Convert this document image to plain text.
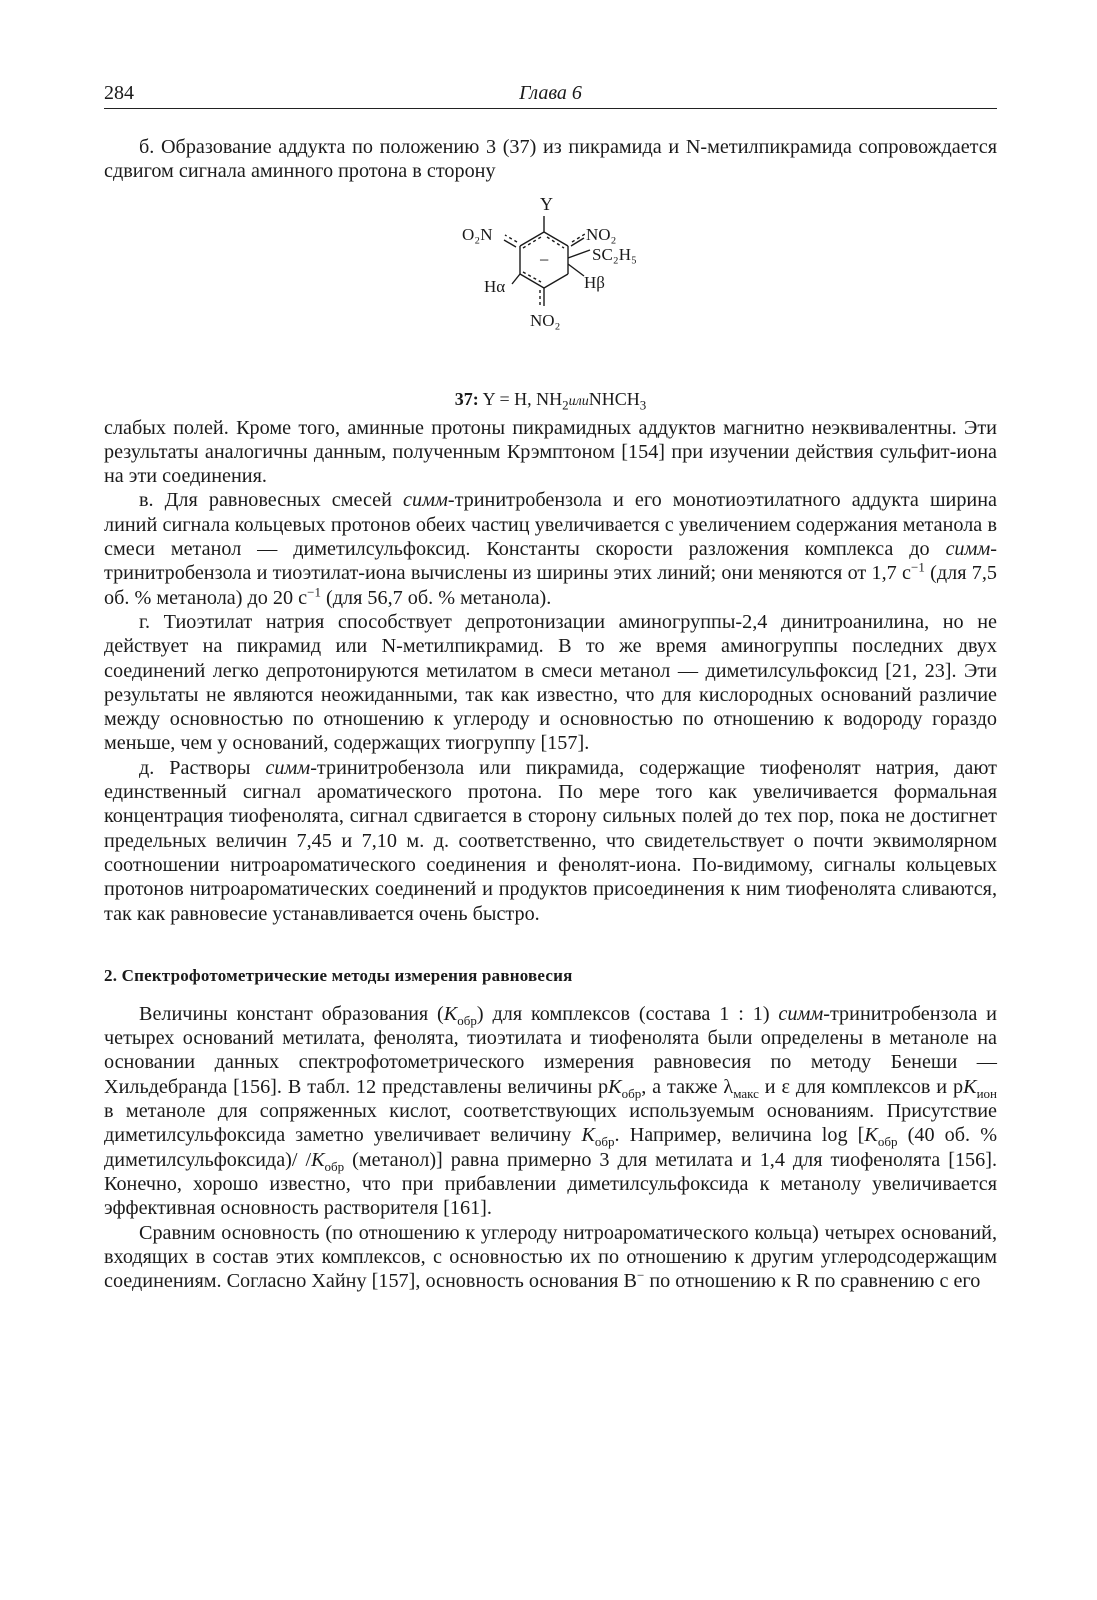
284	Глава 6

б. Образование аддукта по положению 3 (37) из пикрамида и N-метилпикрамида сопровождается сдвигом сигнала аминного протона в сторону

Y
O₂N	NO₂
SC₂H₅
−
Hα	Hβ
NO₂
37: Y = H, $NH_2илиNHCH_3$

слабых полей. Кроме того, аминные протоны пикрамидных аддуктов магнитно неэквивалентны. Эти результаты аналогичны данным, полученным Крэмптоном [154] при изучении действия сульфит-иона на эти соединения.

в. Для равновесных смесей симм-тринитробензола и его монотиоэтилатного аддукта ширина линий сигнала кольцевых протонов обеих частиц увеличивается с увеличением содержания метанола в смеси метанол — диметилсульфоксид. Константы скорости разложения комплекса до симм-тринитробензола и тиоэтилат-иона вычислены из ширины этих линий; они меняются от 1,7 $с^{-1}$ (для 7,5 об. % метанола) до 20 $с^{-1}$ (для 56,7 об. % метанола).

г. Тиоэтилат натрия способствует депротонизации аминогруппы-2,4 динитроанилина, но не действует на пикрамид или N-метилпикрамид. В то же время аминогруппы последних двух соединений легко депротонируются метилатом в смеси метанол — диметилсульфоксид [21, 23]. Эти результаты не являются неожиданными, так как известно, что для кислородных оснований различие между основностью по отношению к углероду и основностью по отношению к водороду гораздо меньше, чем у оснований, содержащих тиогруппу [157].

д. Растворы симм-тринитробензола или пикрамида, содержащие тиофенолят натрия, дают единственный сигнал ароматического протона. По мере того как увеличивается формальная концентрация тиофенолята, сигнал сдвигается в сторону сильных полей до тех пор, пока не достигнет предельных величин 7,45 и 7,10 м. д. соответственно, что свидетельствует о почти эквимолярном соотношении нитроароматического соединения и фенолят-иона. По-видимому, сигналы кольцевых протонов нитроароматических соединений и продуктов присоединения к ним тиофенолята сливаются, так как равновесие устанавливается очень быстро.

2. Спектрофотометрические методы измерения равновесия

Величины констант образования $(K_{обр})$ для комплексов (состава 1 : 1) симм-тринитробензола и четырех оснований метилата, фенолята, тиоэтилата и тиофенолята были определены в метаноле на основании данных спектрофотометрического измерения равновесия по методу Бенеши — Хильдебранда [156]. В табл. 12 представлены величины $pK_{обр}$, а также $\lambda_{макс}$ и ε для комплексов и $pK_{ион}$ в метаноле для сопряженных кислот, соответствующих используемым основаниям. Присутствие диметилсульфоксида заметно увеличивает величину $K_{обр}$. Например, величина $\log [K_{обр}$ (40 об. % диметилсульфоксида)/ $/K_{обр}$ (метанол)] равна примерно 3 для метилата и 1,4 для тиофенолята [156]. Конечно, хорошо известно, что при прибавлении диметилсульфоксида к метанолу увеличивается эффективная основность растворителя [161].

Сравним основность (по отношению к углероду нитроароматического кольца) четырех оснований, входящих в состав этих комплексов, с основностью их по отношению к другим углеродсодержащим соединениям. Согласно Хайну [157], основность основания B− по отношению к R по сравнению с его
